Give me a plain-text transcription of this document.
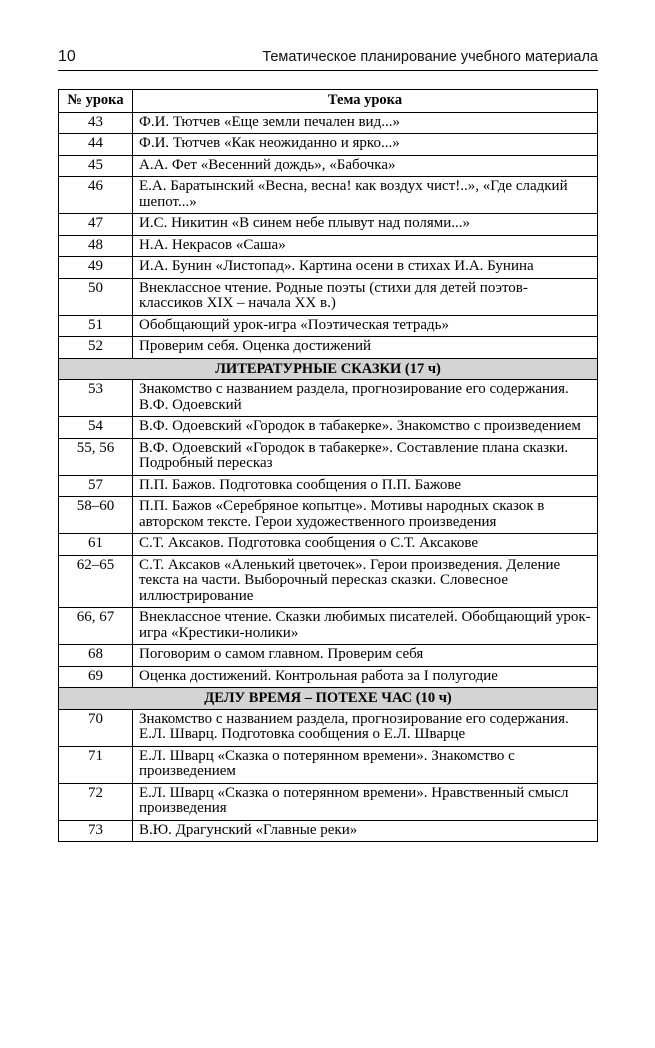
10	Тематическое планирование учебного материала
№ урока	Тема урока
43	Ф.И. Тютчев «Еще земли печален вид...»
44	Ф.И. Тютчев «Как неожиданно и ярко...»
45	А.А. Фет «Весенний дождь», «Бабочка»
46	Е.А. Баратынский «Весна, весна! как воздух чист!..», «Где сладкий шепот...»
47	И.С. Никитин «В синем небе плывут над полями...»
48	Н.А. Некрасов «Саша»
49	И.А. Бунин «Листопад». Картина осени в стихах И.А. Бунина
50	Внеклассное чтение. Родные поэты (стихи для детей поэтов-классиков XIX – начала XX в.)
51	Обобщающий урок-игра «Поэтическая тетрадь»
52	Проверим себя. Оценка достижений
ЛИТЕРАТУРНЫЕ СКАЗКИ (17 ч)	
53	Знакомство с названием раздела, прогнозирование его содержания. В.Ф. Одоевский
54	В.Ф. Одоевский «Городок в табакерке». Знакомство с произведением
55, 56	В.Ф. Одоевский «Городок в табакерке». Составление плана сказки. Подробный пересказ
57	П.П. Бажов. Подготовка сообщения о П.П. Бажове
58–60	П.П. Бажов «Серебряное копытце». Мотивы народных сказок в авторском тексте. Герои художественного произведения
61	С.Т. Аксаков. Подготовка сообщения о С.Т. Аксакове
62–65	С.Т. Аксаков «Аленький цветочек». Герои произведения. Деление текста на части. Выборочный пересказ сказки. Словесное иллюстрирование
66, 67	Внеклассное чтение. Сказки любимых писателей. Обобщающий урок-игра «Крестики-нолики»
68	Поговорим о самом главном. Проверим себя
69	Оценка достижений. Контрольная работа за I полугодие
ДЕЛУ ВРЕМЯ – ПОТЕХЕ ЧАС (10 ч)	
70	Знакомство с названием раздела, прогнозирование его содержания. Е.Л. Шварц. Подготовка сообщения о Е.Л. Шварце
71	Е.Л. Шварц «Сказка о потерянном времени». Знакомство с произведением
72	Е.Л. Шварц «Сказка о потерянном времени». Нравственный смысл произведения
73	В.Ю. Драгунский «Главные реки»
